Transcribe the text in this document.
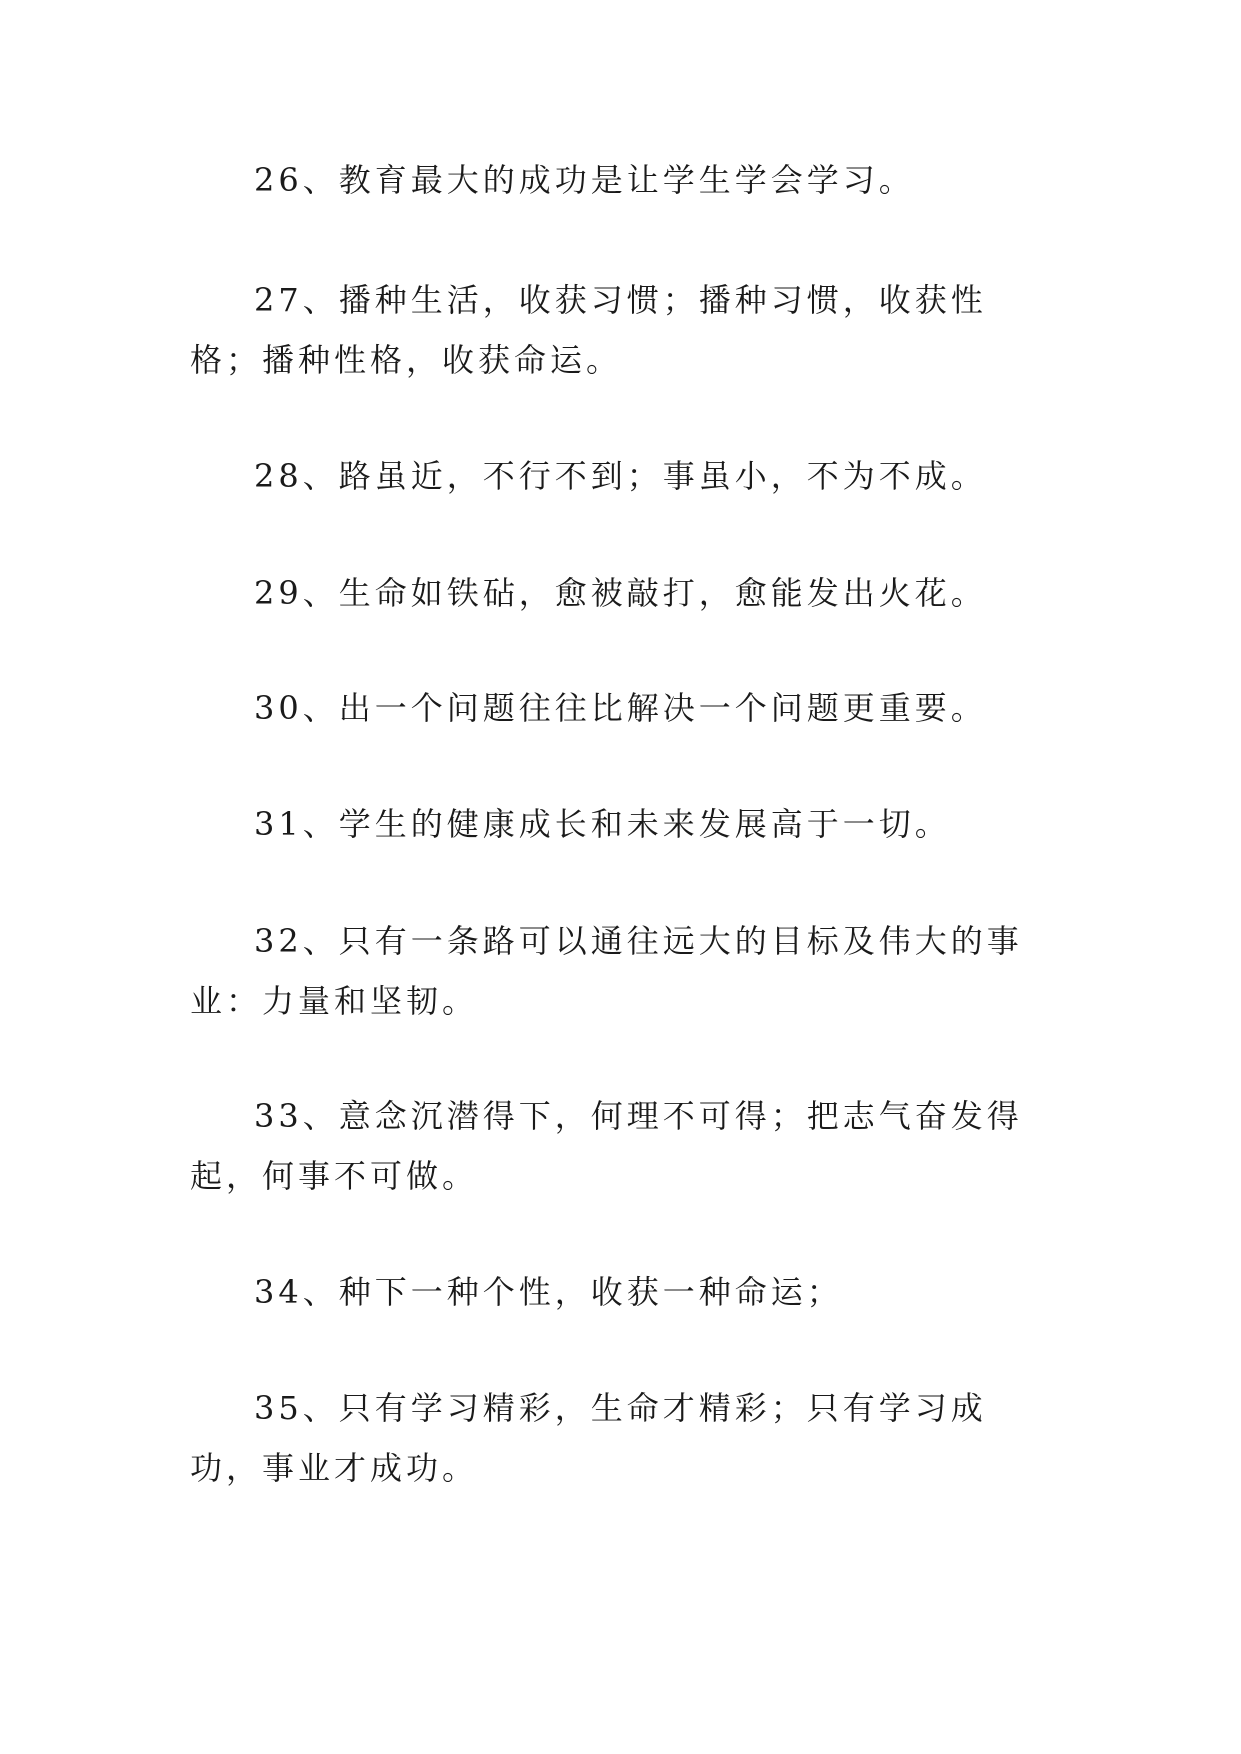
26、教育最大的成功是让学生学会学习。

27、播种生活，收获习惯；播种习惯，收获性格；播种性格，收获命运。

28、路虽近，不行不到；事虽小，不为不成。

29、生命如铁砧，愈被敲打，愈能发出火花。

30、出一个问题往往比解决一个问题更重要。

31、学生的健康成长和未来发展高于一切。

32、只有一条路可以通往远大的目标及伟大的事业：力量和坚韧。

33、意念沉潜得下，何理不可得；把志气奋发得起，何事不可做。

34、种下一种个性，收获一种命运；

35、只有学习精彩，生命才精彩；只有学习成功，事业才成功。
